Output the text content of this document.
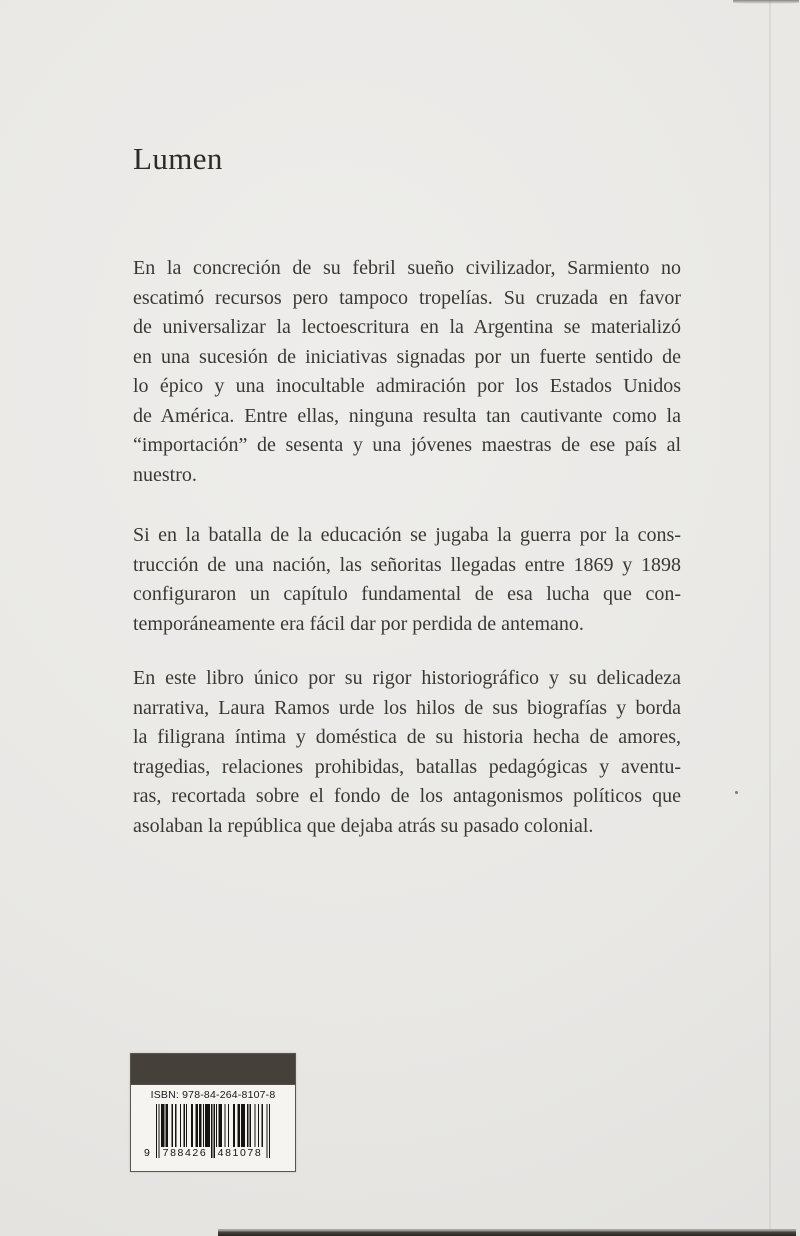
Lumen

En la concreción de su febril sueño civilizador, Sarmiento no
escatimó recursos pero tampoco tropelías. Su cruzada en favor
de universalizar la lectoescritura en la Argentina se materializó
en una sucesión de iniciativas signadas por un fuerte sentido de
lo épico y una inocultable admiración por los Estados Unidos
de América. Entre ellas, ninguna resulta tan cautivante como la
“importación” de sesenta y una jóvenes maestras de ese país al
nuestro.

Si en la batalla de la educación se jugaba la guerra por la cons-
trucción de una nación, las señoritas llegadas entre 1869 y 1898
configuraron un capítulo fundamental de esa lucha que con-
temporáneamente era fácil dar por perdida de antemano.

En este libro único por su rigor historiográfico y su delicadeza
narrativa, Laura Ramos urde los hilos de sus biografías y borda
la filigrana íntima y doméstica de su historia hecha de amores,
tragedias, relaciones prohibidas, batallas pedagógicas y aventu-
ras, recortada sobre el fondo de los antagonismos políticos que
asolaban la república que dejaba atrás su pasado colonial.

ISBN: 978-84-264-8107-8
9 788426 481078
